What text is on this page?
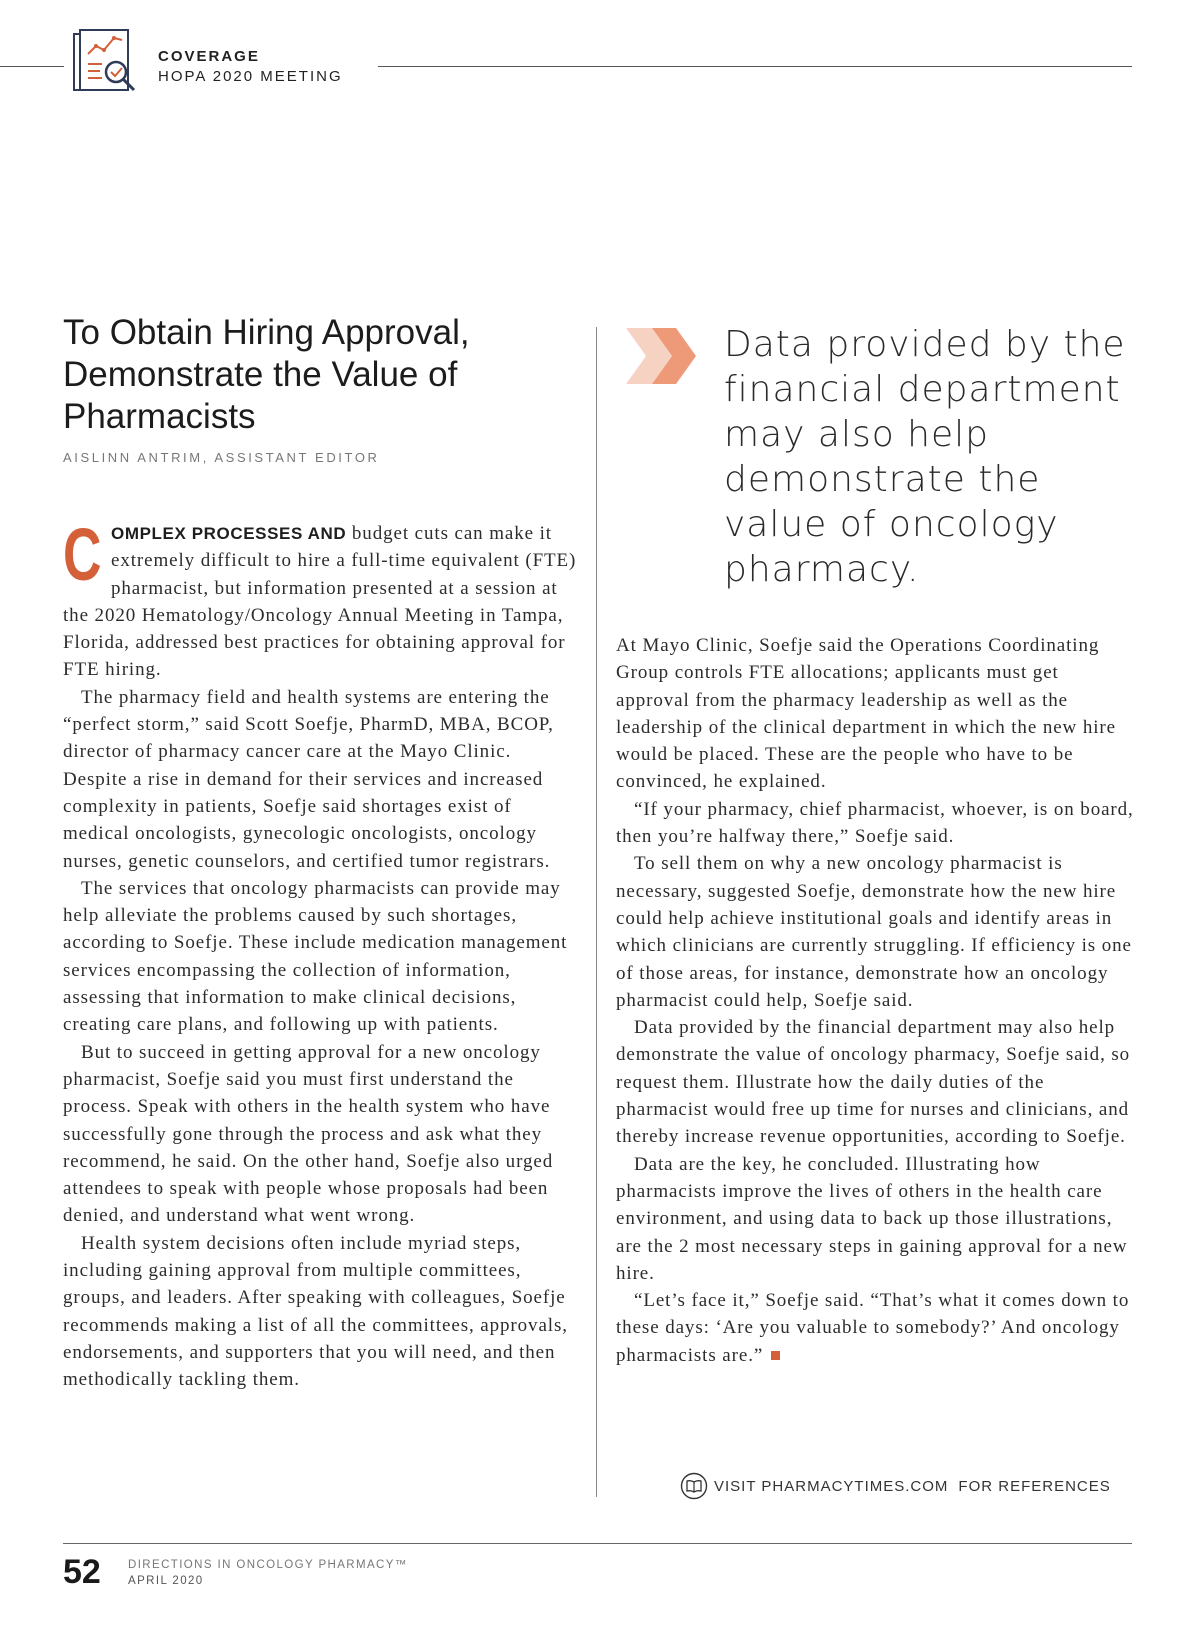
COVERAGE
HOPA 2020 MEETING
To Obtain Hiring Approval, Demonstrate the Value of Pharmacists
AISLINN ANTRIM, ASSISTANT EDITOR

COMPLEX PROCESSES AND budget cuts can make it extremely difficult to hire a full-time equivalent (FTE) pharmacist, but information presented at a session at the 2020 Hematology/Oncology Annual Meeting in Tampa, Florida, addressed best practices for obtaining approval for FTE hiring.

The pharmacy field and health systems are entering the “perfect storm,” said Scott Soefje, PharmD, MBA, BCOP, director of pharmacy cancer care at the Mayo Clinic. Despite a rise in demand for their services and increased complexity in patients, Soefje said shortages exist of medical oncologists, gynecologic oncologists, oncology nurses, genetic counselors, and certified tumor registrars.

The services that oncology pharmacists can provide may help alleviate the problems caused by such shortages, according to Soefje. These include medication management services encompassing the collection of information, assessing that information to make clinical decisions, creating care plans, and following up with patients.

But to succeed in getting approval for a new oncology pharmacist, Soefje said you must first understand the process. Speak with others in the health system who have successfully gone through the process and ask what they recommend, he said. On the other hand, Soefje also urged attendees to speak with people whose proposals had been denied, and understand what went wrong.

Health system decisions often include myriad steps, including gaining approval from multiple committees, groups, and leaders. After speaking with colleagues, Soefje recommends making a list of all the committees, approvals, endorsements, and supporters that you will need, and then methodically tackling them.

Data provided by the financial department may also help demonstrate the value of oncology pharmacy.

At Mayo Clinic, Soefje said the Operations Coordinating Group controls FTE allocations; applicants must get approval from the pharmacy leadership as well as the leadership of the clinical department in which the new hire would be placed. These are the people who have to be convinced, he explained.

“If your pharmacy, chief pharmacist, whoever, is on board, then you’re halfway there,” Soefje said.

To sell them on why a new oncology pharmacist is necessary, suggested Soefje, demonstrate how the new hire could help achieve institutional goals and identify areas in which clinicians are currently struggling. If efficiency is one of those areas, for instance, demonstrate how an oncology pharmacist could help, Soefje said.

Data provided by the financial department may also help demonstrate the value of oncology pharmacy, Soefje said, so request them. Illustrate how the daily duties of the pharmacist would free up time for nurses and clinicians, and thereby increase revenue opportunities, according to Soefje.

Data are the key, he concluded. Illustrating how pharmacists improve the lives of others in the health care environment, and using data to back up those illustrations, are the 2 most necessary steps in gaining approval for a new hire.

“Let’s face it,” Soefje said. “That’s what it comes down to these days: ‘Are you valuable to somebody?’ And oncology pharmacists are.”

VISIT PHARMACYTIMES.COM FOR REFERENCES
52 DIRECTIONS IN ONCOLOGY PHARMACY™
APRIL 2020
